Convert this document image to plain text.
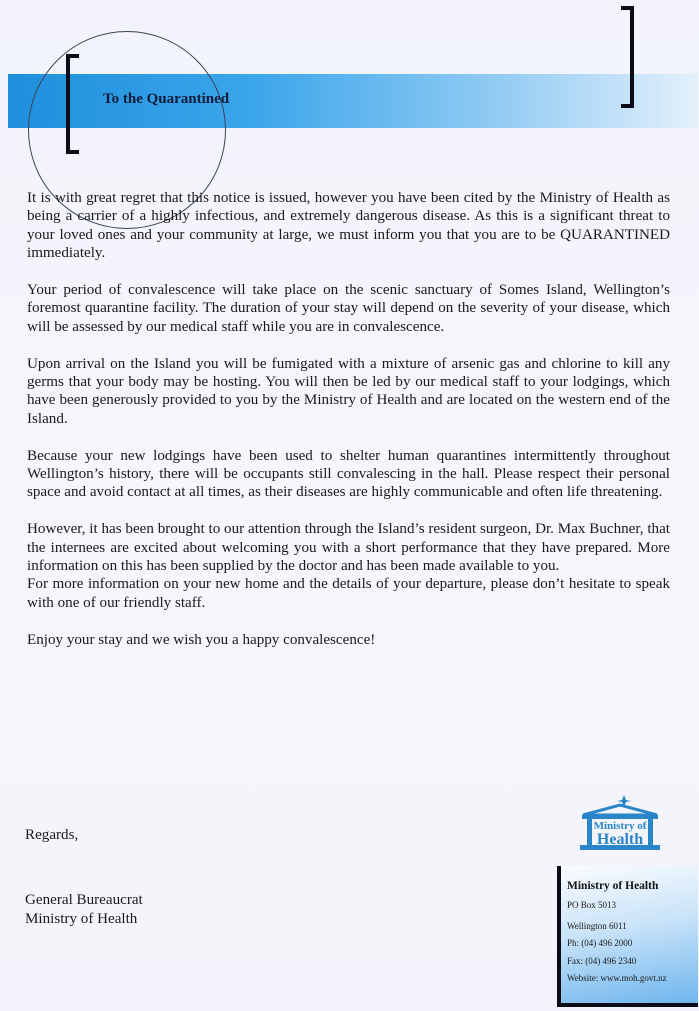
To the Quarantined

It is with great regret that this notice is issued, however you have been cited by the Ministry of Health as being a carrier of a highly infectious, and extremely dangerous disease. As this is a significant threat to your loved ones and your community at large, we must inform you that you are to be QUARANTINED immediately.

Your period of convalescence will take place on the scenic sanctuary of Somes Island, Wellington’s foremost quarantine facility. The duration of your stay will depend on the severity of your disease, which will be assessed by our medical staff while you are in convalescence.

Upon arrival on the Island you will be fumigated with a mixture of arsenic gas and chlorine to kill any germs that your body may be hosting. You will then be led by our medical staff to your lodgings, which have been generously provided to you by the Ministry of Health and are located on the western end of the Island.

Because your new lodgings have been used to shelter human quarantines intermittently throughout Wellington’s history, there will be occupants still convalescing in the hall. Please respect their personal space and avoid contact at all times, as their diseases are highly communicable and often life threatening.

However, it has been brought to our attention through the Island’s resident surgeon, Dr. Max Buchner, that the internees are excited about welcoming you with a short performance that they have prepared. More information on this has been supplied by the doctor and has been made available to you.

For more information on your new home and the details of your departure, please don’t hesitate to speak with one of our friendly staff.

Enjoy your stay and we wish you a happy convalescence!

Regards,
General Bureaucrat
Ministry of Health
Ministry of
Health
Ministry of Health
PO Box 5013
Wellington 6011
Ph: (04) 496 2000
Fax: (04) 496 2340
Website: www.moh.govt.nz
